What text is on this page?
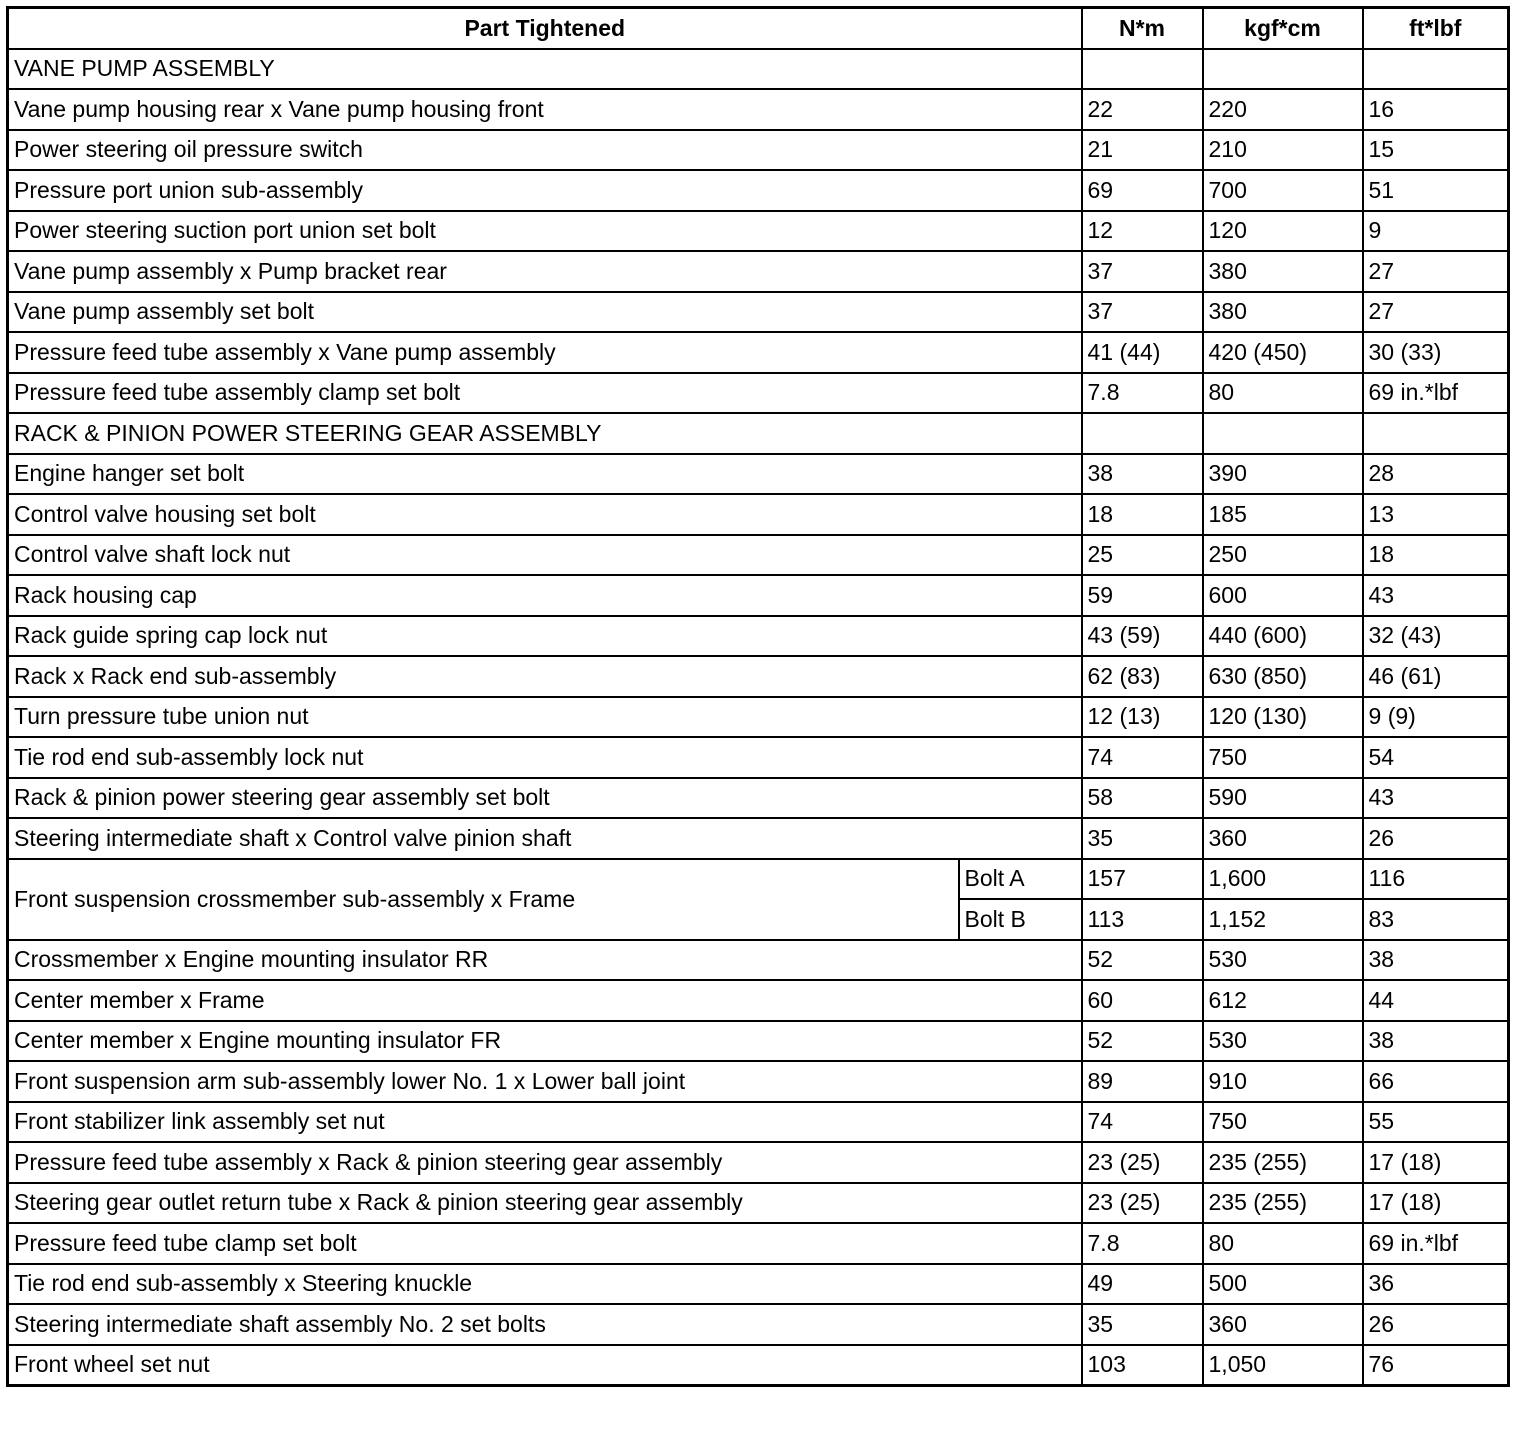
Part Tightened		N*m	kgf*cm	ft*lbf
VANE PUMP ASSEMBLY				
Vane pump housing rear x Vane pump housing front		22	220	16
Power steering oil pressure switch		21	210	15
Pressure port union sub-assembly		69	700	51
Power steering suction port union set bolt		12	120	9
Vane pump assembly x Pump bracket rear		37	380	27
Vane pump assembly set bolt		37	380	27
Pressure feed tube assembly x Vane pump assembly		41 (44)	420 (450)	30 (33)
Pressure feed tube assembly clamp set bolt		7.8	80	69 in.*lbf
RACK & PINION POWER STEERING GEAR ASSEMBLY				
Engine hanger set bolt		38	390	28
Control valve housing set bolt		18	185	13
Control valve shaft lock nut		25	250	18
Rack housing cap		59	600	43
Rack guide spring cap lock nut		43 (59)	440 (600)	32 (43)
Rack x Rack end sub-assembly		62 (83)	630 (850)	46 (61)
Turn pressure tube union nut		12 (13)	120 (130)	9 (9)
Tie rod end sub-assembly lock nut		74	750	54
Rack & pinion power steering gear assembly set bolt		58	590	43
Steering intermediate shaft x Control valve pinion shaft		35	360	26
Front suspension crossmember sub-assembly x Frame	Bolt A	157	1,600	116
	Bolt B	113	1,152	83
Crossmember x Engine mounting insulator RR		52	530	38
Center member x Frame		60	612	44
Center member x Engine mounting insulator FR		52	530	38
Front suspension arm sub-assembly lower No. 1 x Lower ball joint		89	910	66
Front stabilizer link assembly set nut		74	750	55
Pressure feed tube assembly x Rack & pinion steering gear assembly		23 (25)	235 (255)	17 (18)
Steering gear outlet return tube x Rack & pinion steering gear assembly		23 (25)	235 (255)	17 (18)
Pressure feed tube clamp set bolt		7.8	80	69 in.*lbf
Tie rod end sub-assembly x Steering knuckle		49	500	36
Steering intermediate shaft assembly No. 2 set bolts		35	360	26
Front wheel set nut		103	1,050	76
